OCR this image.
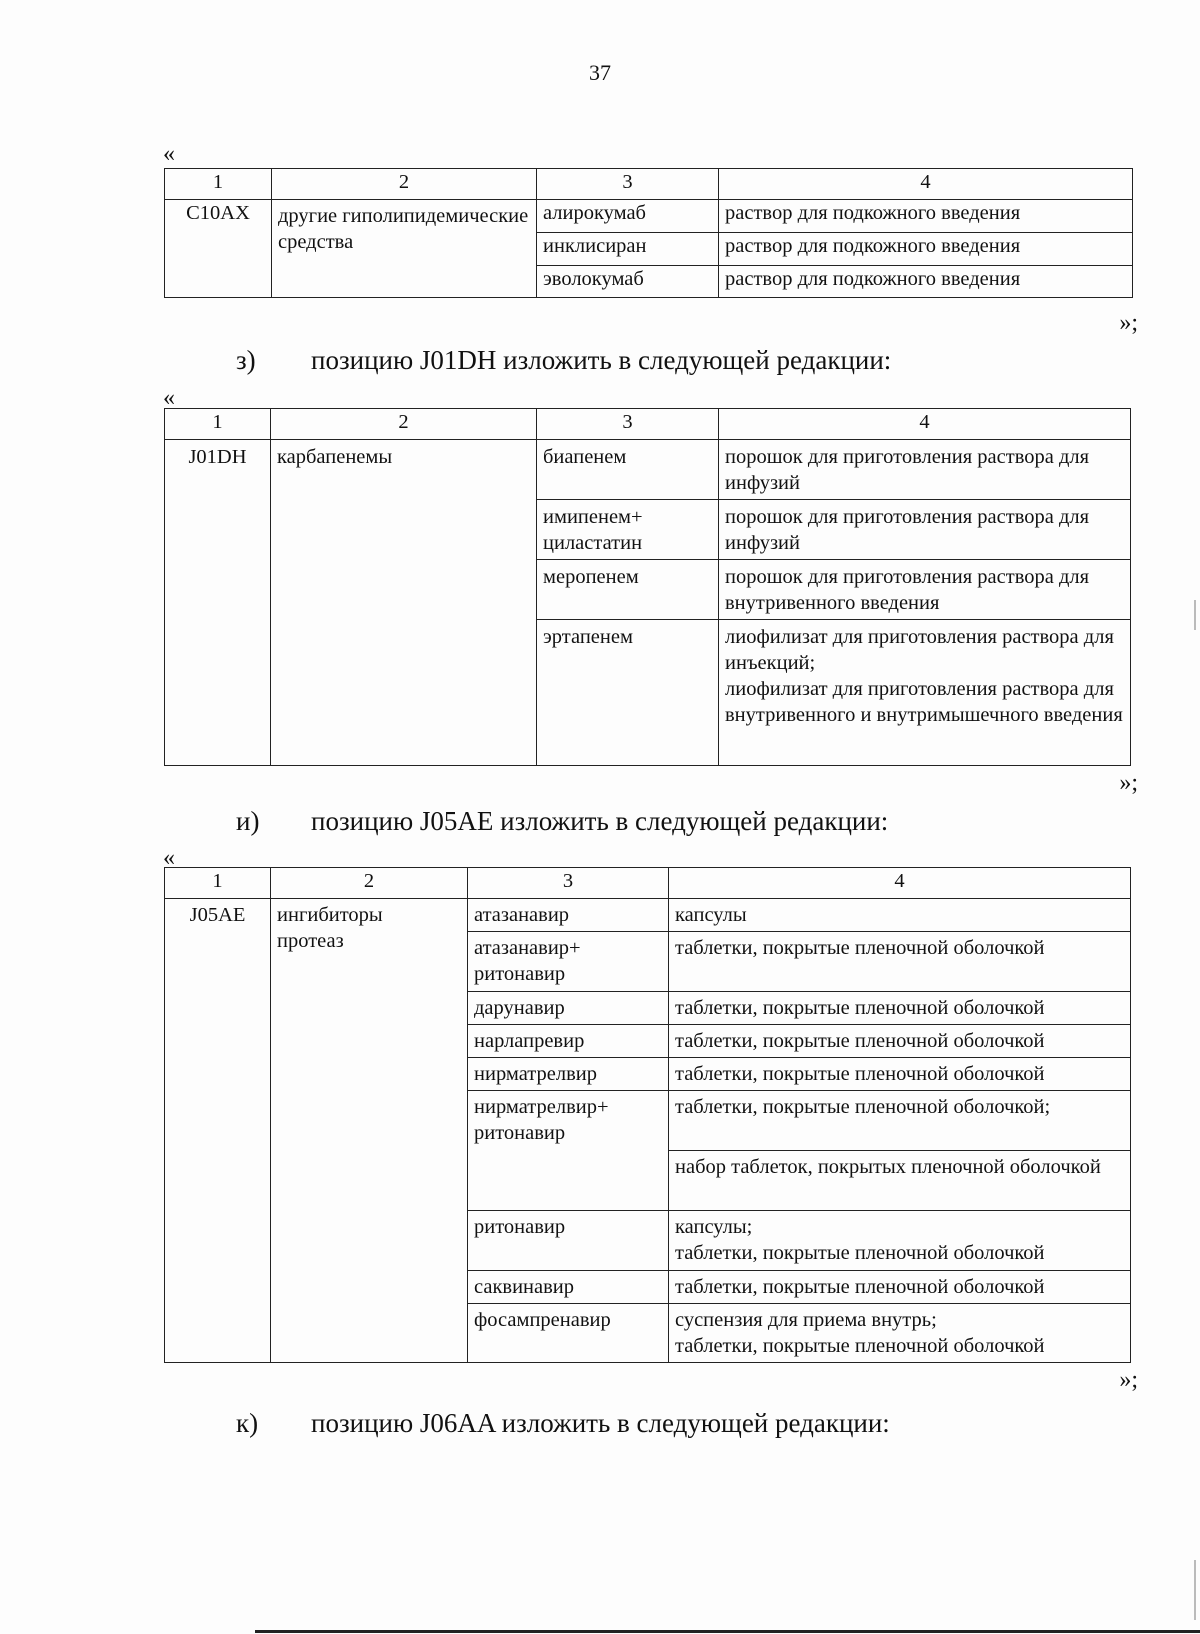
37
«
1	2	3	4
C10AX	другие гиполипидемические средства	алирокумаб	раствор для подкожного введения
		инклисиран	раствор для подкожного введения
		эволокумаб	раствор для подкожного введения
»;
з) позицию J01DH изложить в следующей редакции:
«
1	2	3	4
J01DH	карбапенемы	биапенем	порошок для приготовления раствора для инфузий
		имипенем+ циластатин	порошок для приготовления раствора для инфузий
		меропенем	порошок для приготовления раствора для внутривенного введения
		эртапенем	лиофилизат для приготовления раствора для инъекций;
лиофилизат для приготовления раствора для внутривенного и внутримышечного введения
»;
и) позицию J05AE изложить в следующей редакции:
«
1	2	3	4
J05AE	ингибиторы протеаз	атазанавир	капсулы
		атазанавир+ ритонавир	таблетки, покрытые пленочной оболочкой
		дарунавир	таблетки, покрытые пленочной оболочкой
		нарлапревир	таблетки, покрытые пленочной оболочкой
		нирматрелвир	таблетки, покрытые пленочной оболочкой
		нирматрелвир+ ритонавир	таблетки, покрытые пленочной оболочкой;
			набор таблеток, покрытых пленочной оболочкой
		ритонавир	капсулы;
таблетки, покрытые пленочной оболочкой
		саквинавир	таблетки, покрытые пленочной оболочкой
		фосампренавир	суспензия для приема внутрь;
таблетки, покрытые пленочной оболочкой
»;
к) позицию J06AA изложить в следующей редакции:
